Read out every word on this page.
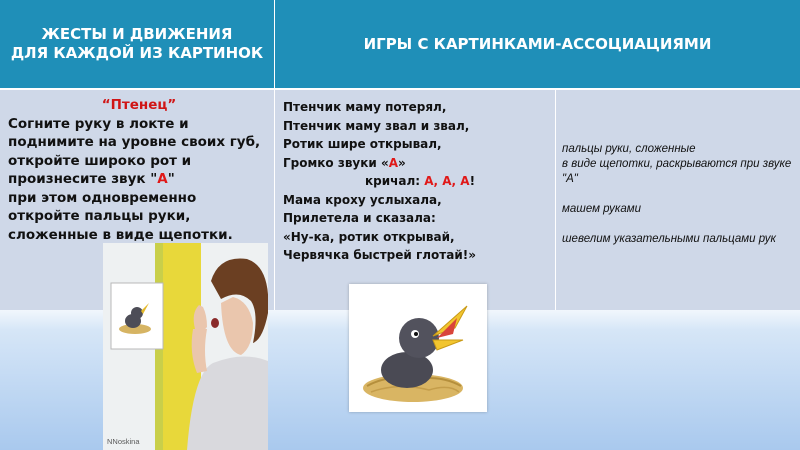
ЖЕСТЫ И ДВИЖЕНИЯ
ДЛЯ КАЖДОЙ ИЗ КАРТИНОК
ИГРЫ С КАРТИНКАМИ-АССОЦИАЦИЯМИ
“Птенец”
Согните руку в локте и
поднимите на уровне своих губ,
откройте широко рот и
произнесите звук "А"
при этом одновременно
откройте пальцы руки,
сложенные в виде щепотки.
Птенчик маму потерял,
Птенчик маму звал и звал,
Ротик шире открывал,
Громко звуки «А»
кричал: А, А, А!
Мама кроху услыхала,
Прилетела и сказала:
«Ну-ка, ротик открывай,
Червячка быстрей глотай!»
пальцы руки, сложенные
в виде щепотки, раскрываются при звуке
"А"
машем руками
шевелим указательными пальцами рук
NNoskina
